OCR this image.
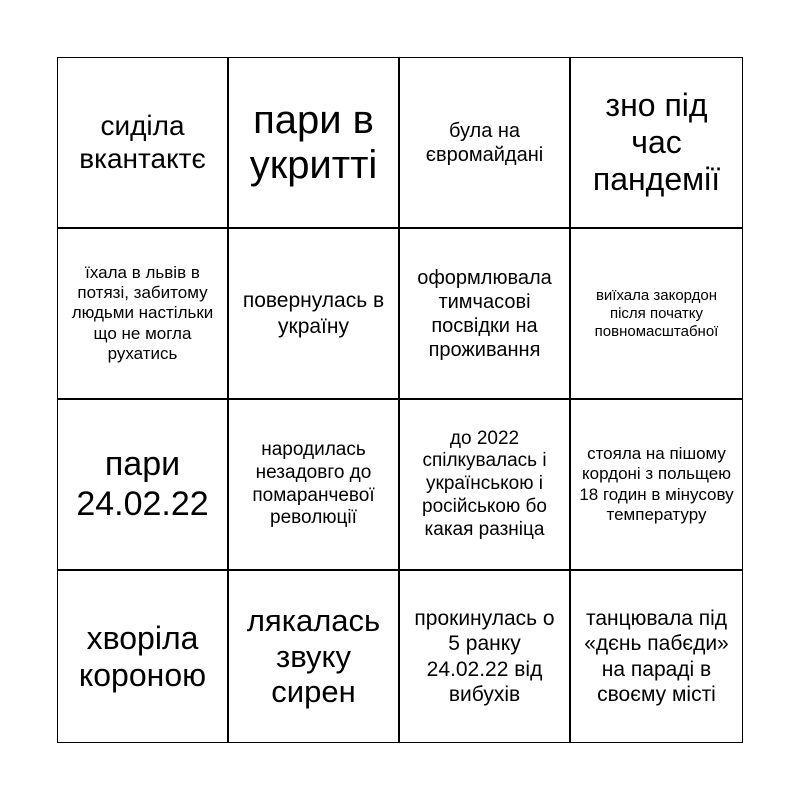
сиділа вкантактє
пари в укритті
була на євромайдані
зно під час пандемії
їхала в львів в потязі, забитому людьми настільки що не могла рухатись
повернулась в україну
оформлювала тимчасові посвідки на проживання
виїхала закордон після початку повномасштабної
пари 24.02.22
народилась незадовго до помаранчевої революції
до 2022 спілкувалась і українською і російською бо какая разніца
стояла на пішому кордоні з польщею 18 годин в мінусову температуру
хворіла короною
лякалась звуку сирен
прокинулась о 5 ранку 24.02.22 від вибухів
танцювала під «дєнь пабєди» на параді в своєму місті
